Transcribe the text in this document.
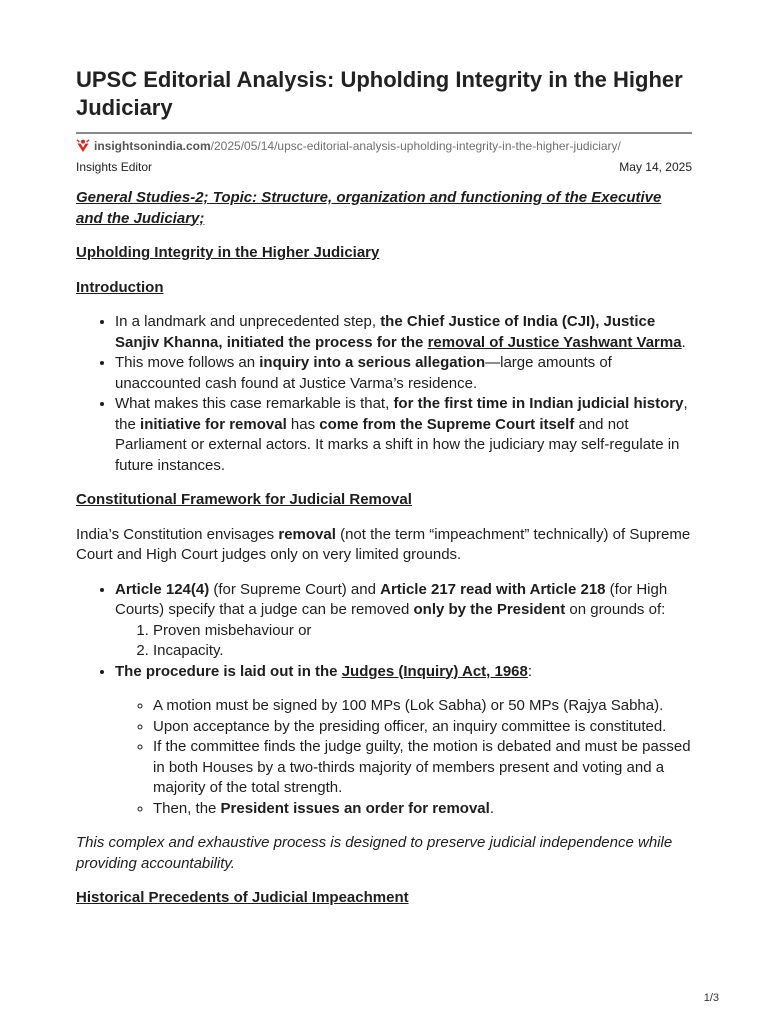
UPSC Editorial Analysis: Upholding Integrity in the Higher Judiciary
insightsonindia.com /2025/05/14/upsc-editorial-analysis-upholding-integrity-in-the-higher-judiciary/
Insights Editor	May 14, 2025

General Studies-2; Topic: Structure, organization and functioning of the Executive and the Judiciary;

Upholding Integrity in the Higher Judiciary

Introduction

• In a landmark and unprecedented step, the Chief Justice of India (CJI), Justice Sanjiv Khanna, initiated the process for the removal of Justice Yashwant Varma.
• This move follows an inquiry into a serious allegation—large amounts of unaccounted cash found at Justice Varma’s residence.
• What makes this case remarkable is that, for the first time in Indian judicial history, the initiative for removal has come from the Supreme Court itself and not Parliament or external actors. It marks a shift in how the judiciary may self-regulate in future instances.

Constitutional Framework for Judicial Removal

India’s Constitution envisages removal (not the term “impeachment” technically) of Supreme Court and High Court judges only on very limited grounds.

• Article 124(4) (for Supreme Court) and Article 217 read with Article 218 (for High Courts) specify that a judge can be removed only by the President on grounds of:
1. Proven misbehaviour or
2. Incapacity.
• The procedure is laid out in the Judges (Inquiry) Act, 1968:
◦ A motion must be signed by 100 MPs (Lok Sabha) or 50 MPs (Rajya Sabha).
◦ Upon acceptance by the presiding officer, an inquiry committee is constituted.
◦ If the committee finds the judge guilty, the motion is debated and must be passed in both Houses by a two-thirds majority of members present and voting and a majority of the total strength.
◦ Then, the President issues an order for removal.

This complex and exhaustive process is designed to preserve judicial independence while providing accountability.

Historical Precedents of Judicial Impeachment

1/3
